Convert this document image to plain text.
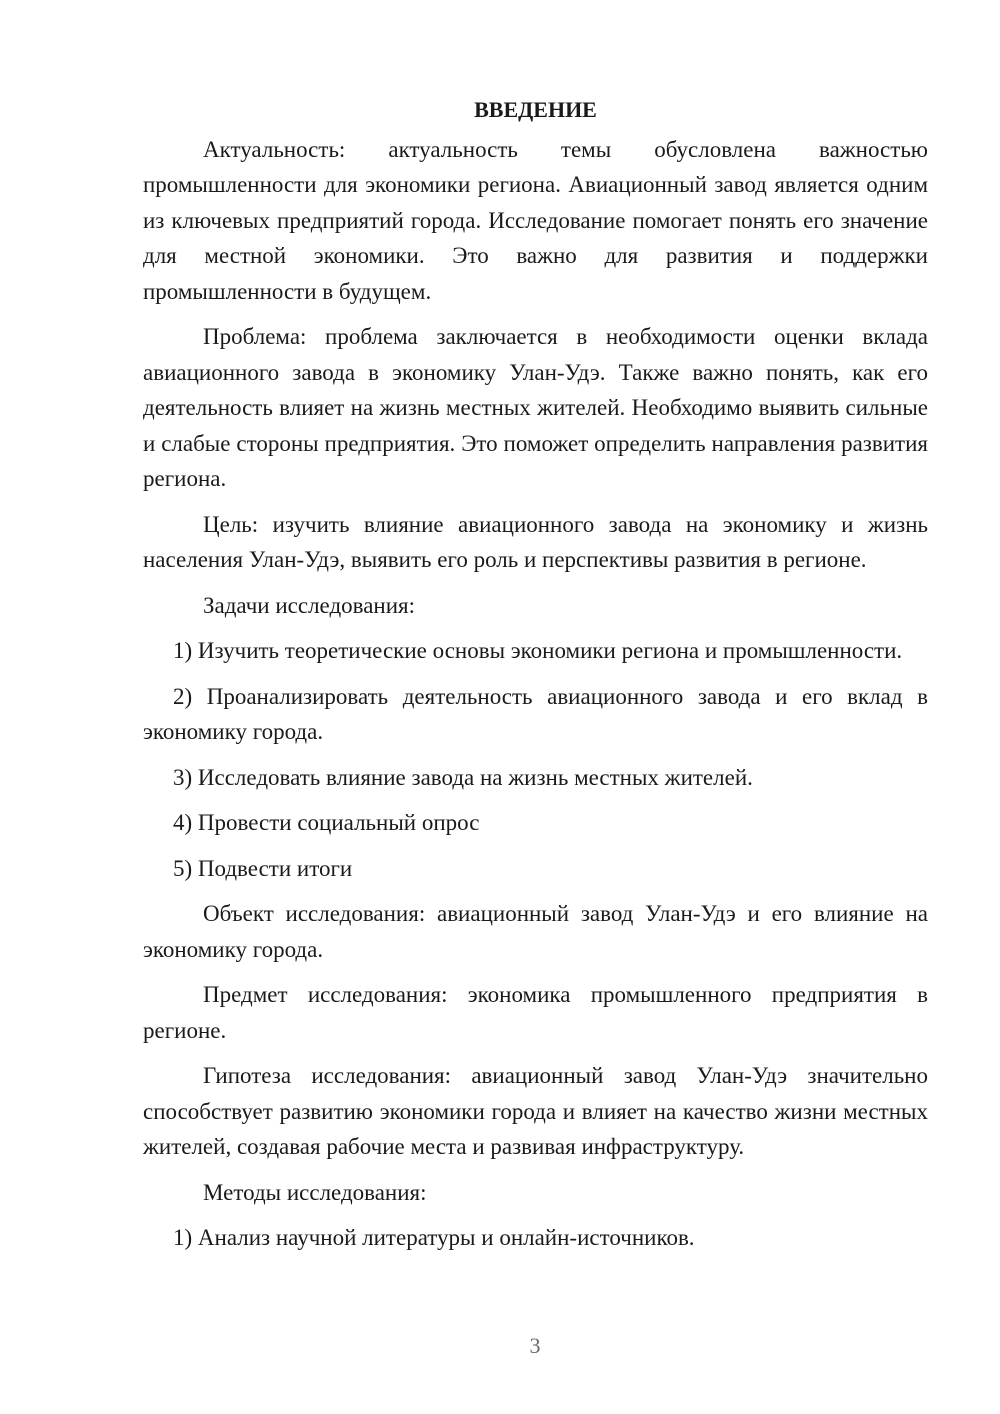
ВВЕДЕНИЕ
Актуальность: актуальность темы обусловлена важностью промышленности для экономики региона. Авиационный завод является одним из ключевых предприятий города. Исследование помогает понять его значение для местной экономики. Это важно для развития и поддержки промышленности в будущем.
Проблема: проблема заключается в необходимости оценки вклада авиационного завода в экономику Улан-Удэ. Также важно понять, как его деятельность влияет на жизнь местных жителей. Необходимо выявить сильные и слабые стороны предприятия. Это поможет определить направления развития региона.
Цель: изучить влияние авиационного завода на экономику и жизнь населения Улан-Удэ, выявить его роль и перспективы развития в регионе.
Задачи исследования:
1) Изучить теоретические основы экономики региона и промышленности.
2) Проанализировать деятельность авиационного завода и его вклад в экономику города.
3) Исследовать влияние завода на жизнь местных жителей.
4) Провести социальный опрос
5) Подвести итоги
Объект исследования: авиационный завод Улан-Удэ и его влияние на экономику города.
Предмет исследования: экономика промышленного предприятия в регионе.
Гипотеза исследования: авиационный завод Улан-Удэ значительно способствует развитию экономики города и влияет на качество жизни местных жителей, создавая рабочие места и развивая инфраструктуру.
Методы исследования:
1) Анализ научной литературы и онлайн-источников.
3
